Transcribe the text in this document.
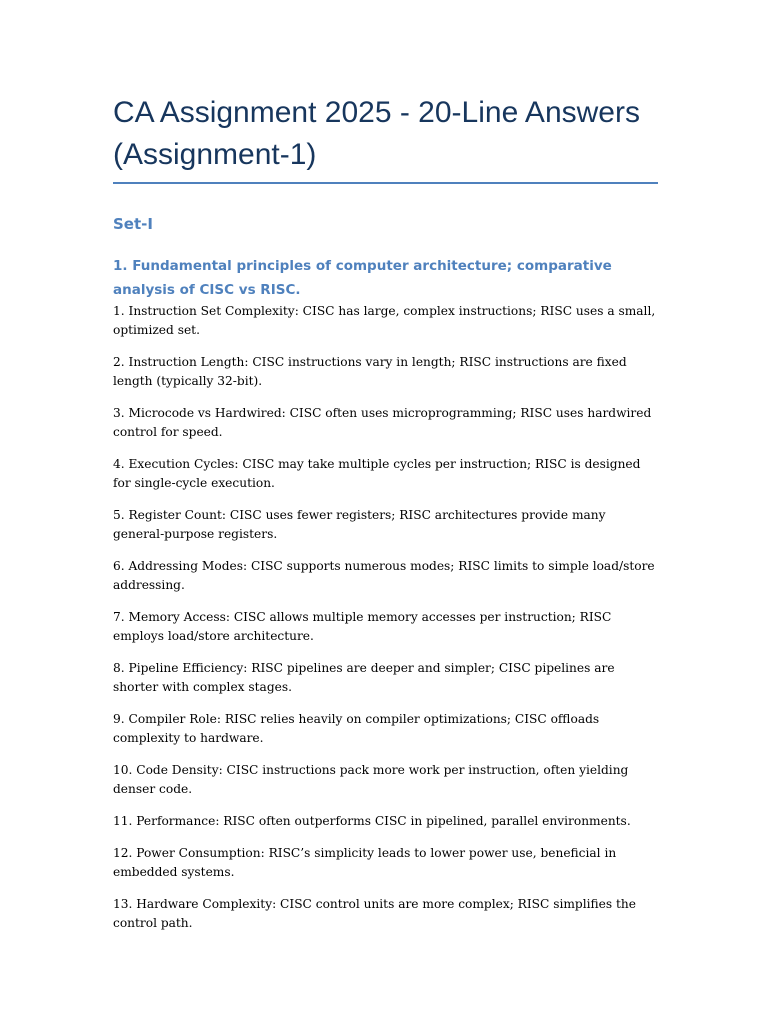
CA Assignment 2025 - 20-Line Answers (Assignment-1)
Set-I
1. Fundamental principles of computer architecture; comparative analysis of CISC vs RISC.
1. Instruction Set Complexity: CISC has large, complex instructions; RISC uses a small, optimized set.
2. Instruction Length: CISC instructions vary in length; RISC instructions are fixed length (typically 32-bit).
3. Microcode vs Hardwired: CISC often uses microprogramming; RISC uses hardwired control for speed.
4. Execution Cycles: CISC may take multiple cycles per instruction; RISC is designed for single-cycle execution.
5. Register Count: CISC uses fewer registers; RISC architectures provide many general-purpose registers.
6. Addressing Modes: CISC supports numerous modes; RISC limits to simple load/store addressing.
7. Memory Access: CISC allows multiple memory accesses per instruction; RISC employs load/store architecture.
8. Pipeline Efficiency: RISC pipelines are deeper and simpler; CISC pipelines are shorter with complex stages.
9. Compiler Role: RISC relies heavily on compiler optimizations; CISC offloads complexity to hardware.
10. Code Density: CISC instructions pack more work per instruction, often yielding denser code.
11. Performance: RISC often outperforms CISC in pipelined, parallel environments.
12. Power Consumption: RISC’s simplicity leads to lower power use, beneficial in embedded systems.
13. Hardware Complexity: CISC control units are more complex; RISC simplifies the control path.
